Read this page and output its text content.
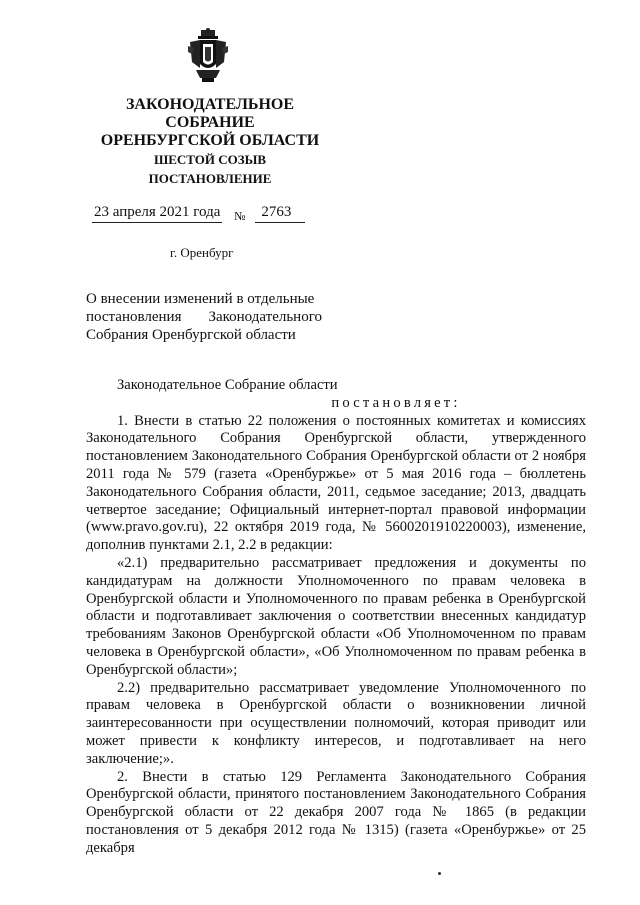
ЗАКОНОДАТЕЛЬНОЕ
СОБРАНИЕ
ОРЕНБУРГСКОЙ ОБЛАСТИ
ШЕСТОЙ СОЗЫВ
ПОСТАНОВЛЕНИЕ
23 апреля 2021 года № 2763
г. Оренбург
О внесении изменений в отдельные
постановления Законодательного
Собрания Оренбургской области

Законодательное Собрание области

постановляет:

1. Внести в статью 22 положения о постоянных комитетах и комиссиях Законодательного Собрания Оренбургской области, утвержденного постановлением Законодательного Собрания Оренбургской области от 2 ноября 2011 года № 579 (газета «Оренбуржье» от 5 мая 2016 года – бюллетень Законодательного Собрания области, 2011, седьмое заседание; 2013, двадцать четвертое заседание; Официальный интернет-портал правовой информации (www.pravo.gov.ru), 22 октября 2019 года, № 5600201910220003), изменение, дополнив пунктами 2.1, 2.2 в редакции:

«2.1) предварительно рассматривает предложения и документы по кандидатурам на должности Уполномоченного по правам человека в Оренбургской области и Уполномоченного по правам ребенка в Оренбургской области и подготавливает заключения о соответствии внесенных кандидатур требованиям Законов Оренбургской области «Об Уполномоченном по правам человека в Оренбургской области», «Об Уполномоченном по правам ребенка в Оренбургской области»;

2.2) предварительно рассматривает уведомление Уполномоченного по правам человека в Оренбургской области о возникновении личной заинтересованности при осуществлении полномочий, которая приводит или может привести к конфликту интересов, и подготавливает на него заключение;».

2. Внести в статью 129 Регламента Законодательного Собрания Оренбургской области, принятого постановлением Законодательного Собрания Оренбургской области от 22 декабря 2007 года № 1865 (в редакции постановления от 5 декабря 2012 года № 1315) (газета «Оренбуржье» от 25 декабря
